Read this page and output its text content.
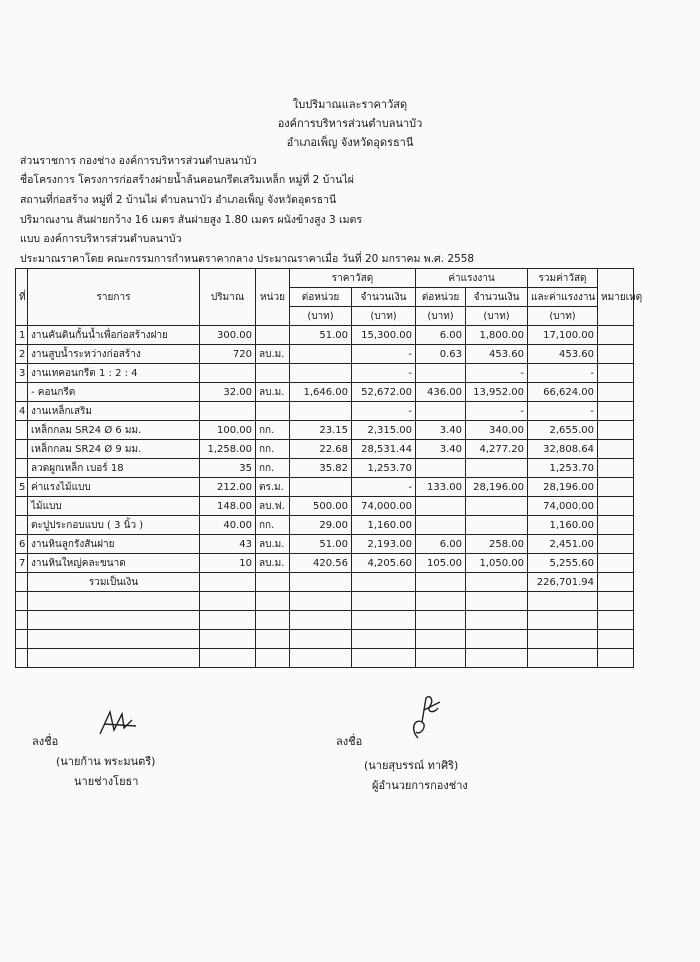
ใบปริมาณและราคาวัสดุ
องค์การบริหารส่วนตำบลนาบัว
อำเภอเพ็ญ จังหวัดอุดรธานี
ส่วนราชการ กองช่าง องค์การบริหารส่วนตำบลนาบัว
ชื่อโครงการ โครงการก่อสร้างฝายน้ำล้นคอนกรีตเสริมเหล็ก หมู่ที่ 2 บ้านไผ่
สถานที่ก่อสร้าง หมู่ที่ 2 บ้านไผ่ ตำบลนาบัว อำเภอเพ็ญ จังหวัดอุดรธานี
ปริมาณงาน สันฝายกว้าง 16 เมตร สันฝายสูง 1.80 เมตร ผนังข้างสูง 3 เมตร
แบบ องค์การบริหารส่วนตำบลนาบัว
ประมาณราคาโดย คณะกรรมการกำหนดราคากลาง ประมาณราคาเมื่อ วันที่ 20 มกราคม พ.ศ. 2558
ที่	รายการ	ปริมาณ	หน่วย	ราคาวัสดุ		ค่าแรงงาน		รวมค่าวัสดุ	หมายเหตุ
				ต่อหน่วย	จำนวนเงิน	ต่อหน่วย	จำนวนเงิน	และค่าแรงงาน	
				(บาท)	(บาท)	(บาท)	(บาท)	(บาท)	
1	งานคันดินกั้นน้ำเพื่อก่อสร้างฝาย	300.00		51.00	15,300.00	6.00	1,800.00	17,100.00	
2	งานสูบน้ำระหว่างก่อสร้าง	720	ลบ.ม.		-	0.63	453.60	453.60	
3	งานเทคอนกรีต 1 : 2 : 4				-		-	-	
	- คอนกรีต	32.00	ลบ.ม.	1,646.00	52,672.00	436.00	13,952.00	66,624.00	
4	งานเหล็กเสริม				-		-	-	
	เหล็กกลม SR24 Ø 6 มม.	100.00	กก.	23.15	2,315.00	3.40	340.00	2,655.00	
	เหล็กกลม SR24 Ø 9 มม.	1,258.00	กก.	22.68	28,531.44	3.40	4,277.20	32,808.64	
	ลวดผูกเหล็ก เบอร์ 18	35	กก.	35.82	1,253.70			1,253.70	
5	ค่าแรงไม้แบบ	212.00	ตร.ม.		-	133.00	28,196.00	28,196.00	
	ไม้แบบ	148.00	ลบ.ฟ.	500.00	74,000.00			74,000.00	
	ตะปูประกอบแบบ ( 3 นิ้ว )	40.00	กก.	29.00	1,160.00			1,160.00	
6	งานหินลูกรังสันฝาย	43	ลบ.ม.	51.00	2,193.00	6.00	258.00	2,451.00	
7	งานหินใหญ่คละขนาด	10	ลบ.ม.	420.56	4,205.60	105.00	1,050.00	5,255.60	
	รวมเป็นเงิน							226,701.94	

ลงชื่อ
(นายก้าน พระมนตรี)
นายช่างโยธา
ลงชื่อ
(นายสุบรรณ์ ทาศิริ)
ผู้อำนวยการกองช่าง
